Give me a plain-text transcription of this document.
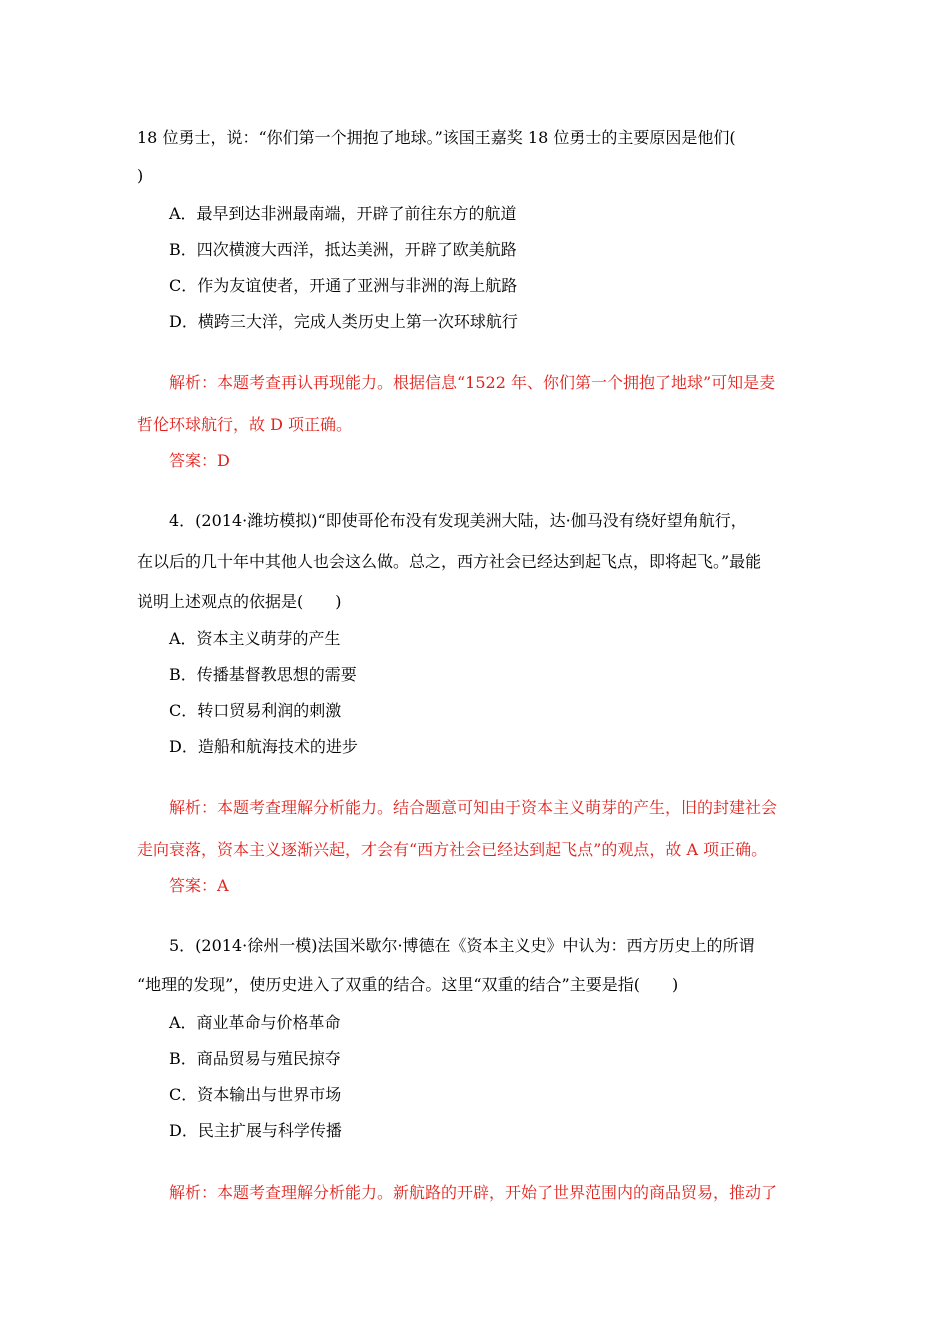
18 位勇士，说：“你们第一个拥抱了地球。”该国王嘉奖 18 位勇士的主要原因是他们(
)
A．最早到达非洲最南端，开辟了前往东方的航道
B．四次横渡大西洋，抵达美洲，开辟了欧美航路
C．作为友谊使者，开通了亚洲与非洲的海上航路
D．横跨三大洋，完成人类历史上第一次环球航行
解析：本题考查再认再现能力。根据信息“1522 年、你们第一个拥抱了地球”可知是麦
哲伦环球航行，故 D 项正确。
答案：D
4．(2014·潍坊模拟)“即使哥伦布没有发现美洲大陆，达·伽马没有绕好望角航行，
在以后的几十年中其他人也会这么做。总之，西方社会已经达到起飞点，即将起飞。”最能
说明上述观点的依据是(　　)
A．资本主义萌芽的产生
B．传播基督教思想的需要
C．转口贸易利润的刺激
D．造船和航海技术的进步
解析：本题考查理解分析能力。结合题意可知由于资本主义萌芽的产生，旧的封建社会
走向衰落，资本主义逐渐兴起，才会有“西方社会已经达到起飞点”的观点，故 A 项正确。
答案：A
5．(2014·徐州一模)法国米歇尔·博德在《资本主义史》中认为：西方历史上的所谓
“地理的发现”，使历史进入了双重的结合。这里“双重的结合”主要是指(　　)
A．商业革命与价格革命
B．商品贸易与殖民掠夺
C．资本输出与世界市场
D．民主扩展与科学传播
解析：本题考查理解分析能力。新航路的开辟，开始了世界范围内的商品贸易，推动了
